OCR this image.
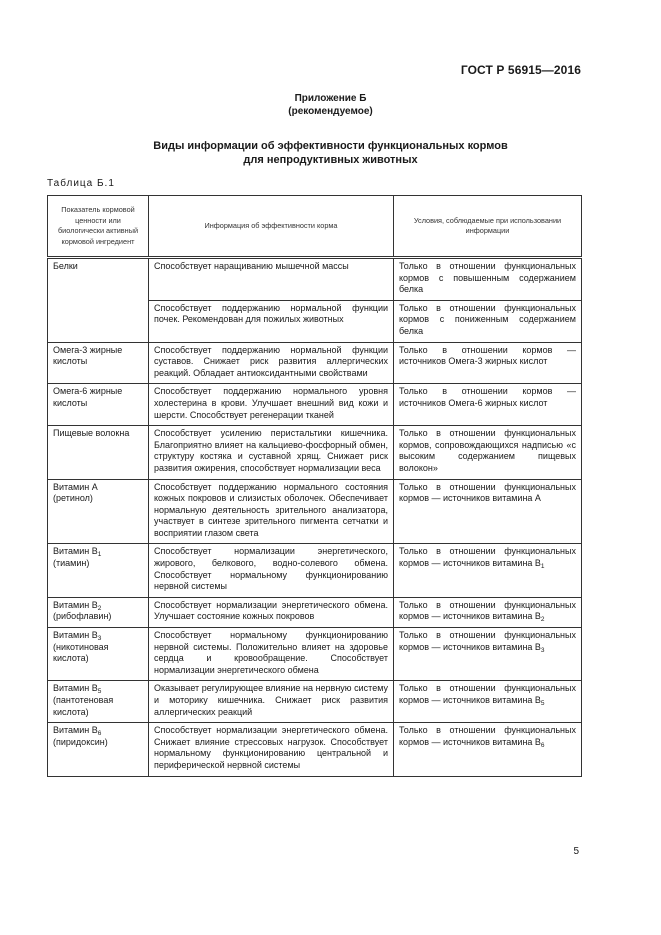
ГОСТ Р 56915—2016
Приложение Б
(рекомендуемое)
Виды информации об эффективности функциональных кормов
для непродуктивных животных
Таблица Б.1
Показатель кормовой ценности или биологически активный кормовой ингредиент	Информация об эффективности корма	Условия, соблюдаемые при использовании информации
Белки	Способствует наращиванию мышечной массы	Только в отношении функциональных кормов с повышенным содержанием белка
	Способствует поддержанию нормальной функции почек. Рекомендован для пожилых животных	Только в отношении функциональных кормов с пониженным содержанием белка
Омега-3 жирные кислоты	Способствует поддержанию нормальной функции суставов. Снижает риск развития аллергических реакций. Обладает антиоксидантными свойствами	Только в отношении кормов — источников Омега-3 жирных кислот
Омега-6 жирные кислоты	Способствует поддержанию нормального уровня холестерина в крови. Улучшает внешний вид кожи и шерсти. Способствует регенерации тканей	Только в отношении кормов — источников Омега-6 жирных кислот
Пищевые волокна	Способствует усилению перистальтики кишечника. Благоприятно влияет на кальциево-фосфорный обмен, структуру костяка и суставной хрящ. Снижает риск развития ожирения, способствует нормализации веса	Только в отношении функциональных кормов, сопровождающихся надписью «с высоким содержанием пищевых волокон»
Витамин А
(ретинол)	Способствует поддержанию нормального состояния кожных покровов и слизистых оболочек. Обеспечивает нормальную деятельность зрительного анализатора, участвует в синтезе зрительного пигмента сетчатки и восприятии глазом света	Только в отношении функциональных кормов — источников витамина А
Витамин $В_1$
(тиамин)	Способствует нормализации энергетического, жирового, белкового, водно-солевого обмена. Способствует нормальному функционированию нервной системы	Только в отношении функциональных кормов — источников витамина $В_1$
Витамин $В_2$
(рибофлавин)	Способствует нормализации энергетического обмена. Улучшает состояние кожных покровов	Только в отношении функциональных кормов — источников витамина $В_2$
Витамин $В_3$
(никотиновая кислота)	Способствует нормальному функционированию нервной системы. Положительно влияет на здоровье сердца и кровообращение. Способствует нормализации энергетического обмена	Только в отношении функциональных кормов — источников витамина $В_3$
Витамин $В_5$
(пантотеновая кислота)	Оказывает регулирующее влияние на нервную систему и моторику кишечника. Снижает риск развития аллергических реакций	Только в отношении функциональных кормов — источников витамина $В_5$
Витамин $В_6$
(пиридоксин)	Способствует нормализации энергетического обмена. Снижает влияние стрессовых нагрузок. Способствует нормальному функционированию центральной и периферической нервной системы	Только в отношении функциональных кормов — источников витамина $В_6$
5
